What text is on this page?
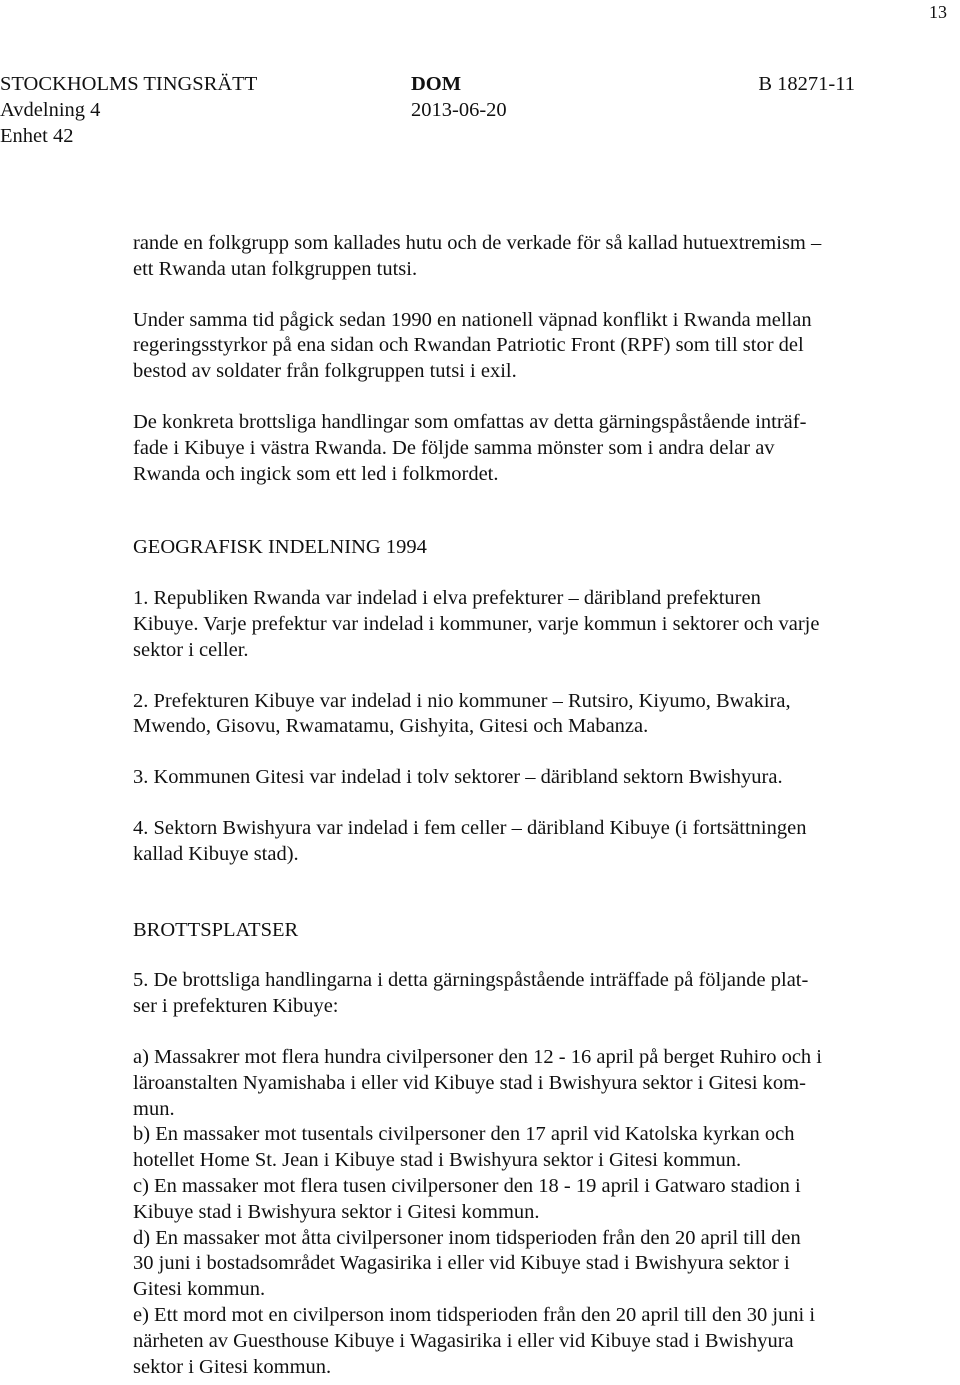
13
STOCKHOLMS TINGSRÄTT
Avdelning 4
Enhet 42
DOM
2013-06-20
B 18271-11

rande en folkgrupp som kallades hutu och de verkade för så kallad hutuextremism –

ett Rwanda utan folkgruppen tutsi.

Under samma tid pågick sedan 1990 en nationell väpnad konflikt i Rwanda mellan

regeringsstyrkor på ena sidan och Rwandan Patriotic Front (RPF) som till stor del

bestod av soldater från folkgruppen tutsi i exil.

De konkreta brottsliga handlingar som omfattas av detta gärningspåstående inträf-

fade i Kibuye i västra Rwanda. De följde samma mönster som i andra delar av

Rwanda och ingick som ett led i folkmordet.

GEOGRAFISK INDELNING 1994

1. Republiken Rwanda var indelad i elva prefekturer – däribland prefekturen

Kibuye. Varje prefektur var indelad i kommuner, varje kommun i sektorer och varje

sektor i celler.

2. Prefekturen Kibuye var indelad i nio kommuner – Rutsiro, Kiyumo, Bwakira,

Mwendo, Gisovu, Rwamatamu, Gishyita, Gitesi och Mabanza.

3. Kommunen Gitesi var indelad i tolv sektorer – däribland sektorn Bwishyura.

4. Sektorn Bwishyura var indelad i fem celler – däribland Kibuye (i fortsättningen

kallad Kibuye stad).

BROTTSPLATSER

5. De brottsliga handlingarna i detta gärningspåstående inträffade på följande plat-

ser i prefekturen Kibuye:

a) Massakrer mot flera hundra civilpersoner den 12 - 16 april på berget Ruhiro och i

läroanstalten Nyamishaba i eller vid Kibuye stad i Bwishyura sektor i Gitesi kom-

mun.

b) En massaker mot tusentals civilpersoner den 17 april vid Katolska kyrkan och

hotellet Home St. Jean i Kibuye stad i Bwishyura sektor i Gitesi kommun.

c) En massaker mot flera tusen civilpersoner den 18 - 19 april i Gatwaro stadion i

Kibuye stad i Bwishyura sektor i Gitesi kommun.

d) En massaker mot åtta civilpersoner inom tidsperioden från den 20 april till den

30 juni i bostadsområdet Wagasirika i eller vid Kibuye stad i Bwishyura sektor i

Gitesi kommun.

e) Ett mord mot en civilperson inom tidsperioden från den 20 april till den 30 juni i

närheten av Guesthouse Kibuye i Wagasirika i eller vid Kibuye stad i Bwishyura

sektor i Gitesi kommun.
